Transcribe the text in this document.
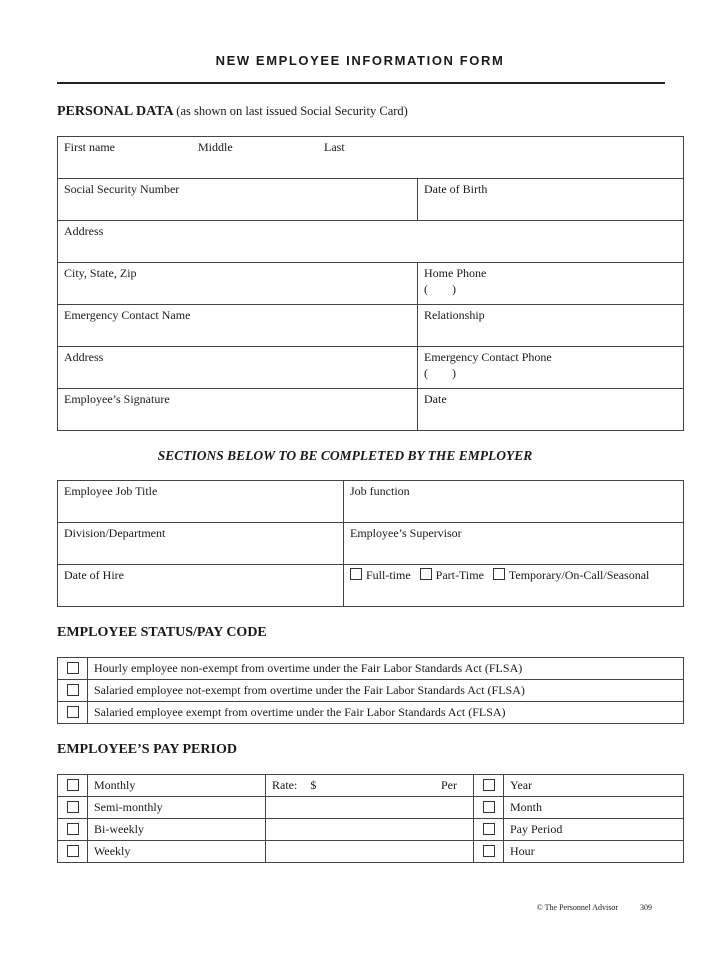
NEW EMPLOYEE INFORMATION FORM
PERSONAL DATA (as shown on last issued Social Security Card)
First name Middle Last	
Social Security Number	Date of Birth
Address	
City, State, Zip	Home Phone
(        )

Emergency Contact Name	Relationship
Address	Emergency Contact Phone
(        )

Employee’s Signature	Date
SECTIONS BELOW TO BE COMPLETED BY THE EMPLOYER
Employee Job Title	Job function
Division/Department	Employee’s Supervisor
Date of Hire	Full-time Part-Time Temporary/On-Call/Seasonal
EMPLOYEE STATUS/PAY CODE
	Hourly employee non-exempt from overtime under the Fair Labor Standards Act (FLSA)
	Salaried employee not-exempt from overtime under the Fair Labor Standards Act (FLSA)
	Salaried employee exempt from overtime under the Fair Labor Standards Act (FLSA)
EMPLOYEE’S PAY PERIOD
	Monthly	Rate: $ Per		Year
	Semi-monthly			Month
	Bi-weekly			Pay Period
	Weekly			Hour
© The Personnel Advisor	309
